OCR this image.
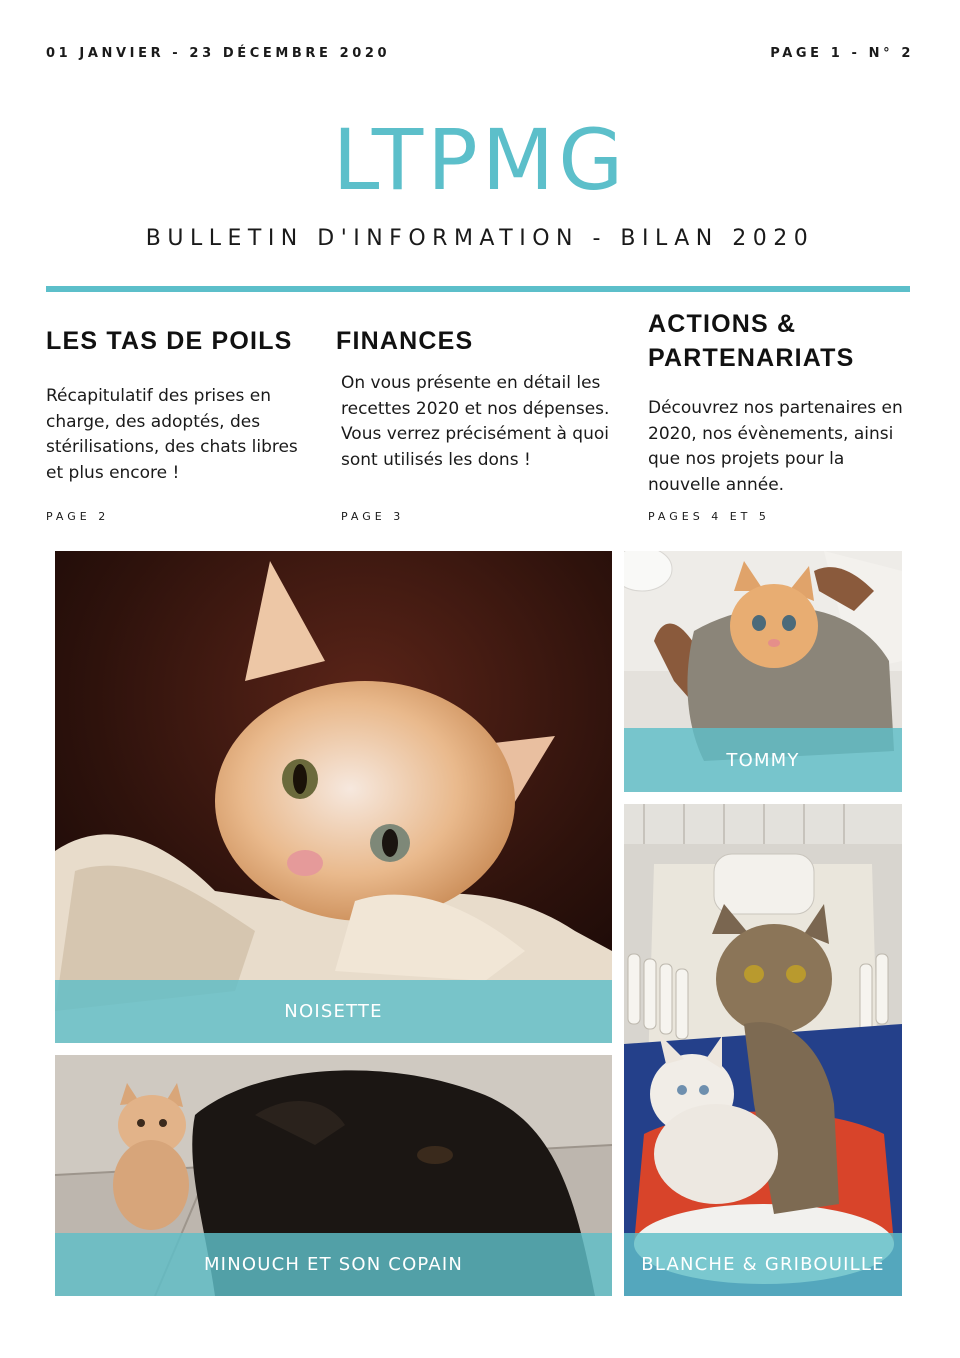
01 JANVIER - 23 DÉCEMBRE 2020	PAGE 1 - N° 2
LTPMG
BULLETIN D'INFORMATION - BILAN 2020
LES TAS DE POILS

Récapitulatif des prises en charge, des adoptés, des stérilisations, des chats libres et plus encore !

PAGE 2
FINANCES

On vous présente en détail les recettes 2020 et nos dépenses.
Vous verrez précisément à quoi sont utilisés les dons !

PAGE 3
ACTIONS & PARTENARIATS

Découvrez nos partenaires en 2020, nos évènements, ainsi que nos projets pour la nouvelle année.

PAGES 4 ET 5
NOISETTE
TOMMY
MINOUCH ET SON COPAIN	BLANCHE & GRIBOUILLE
